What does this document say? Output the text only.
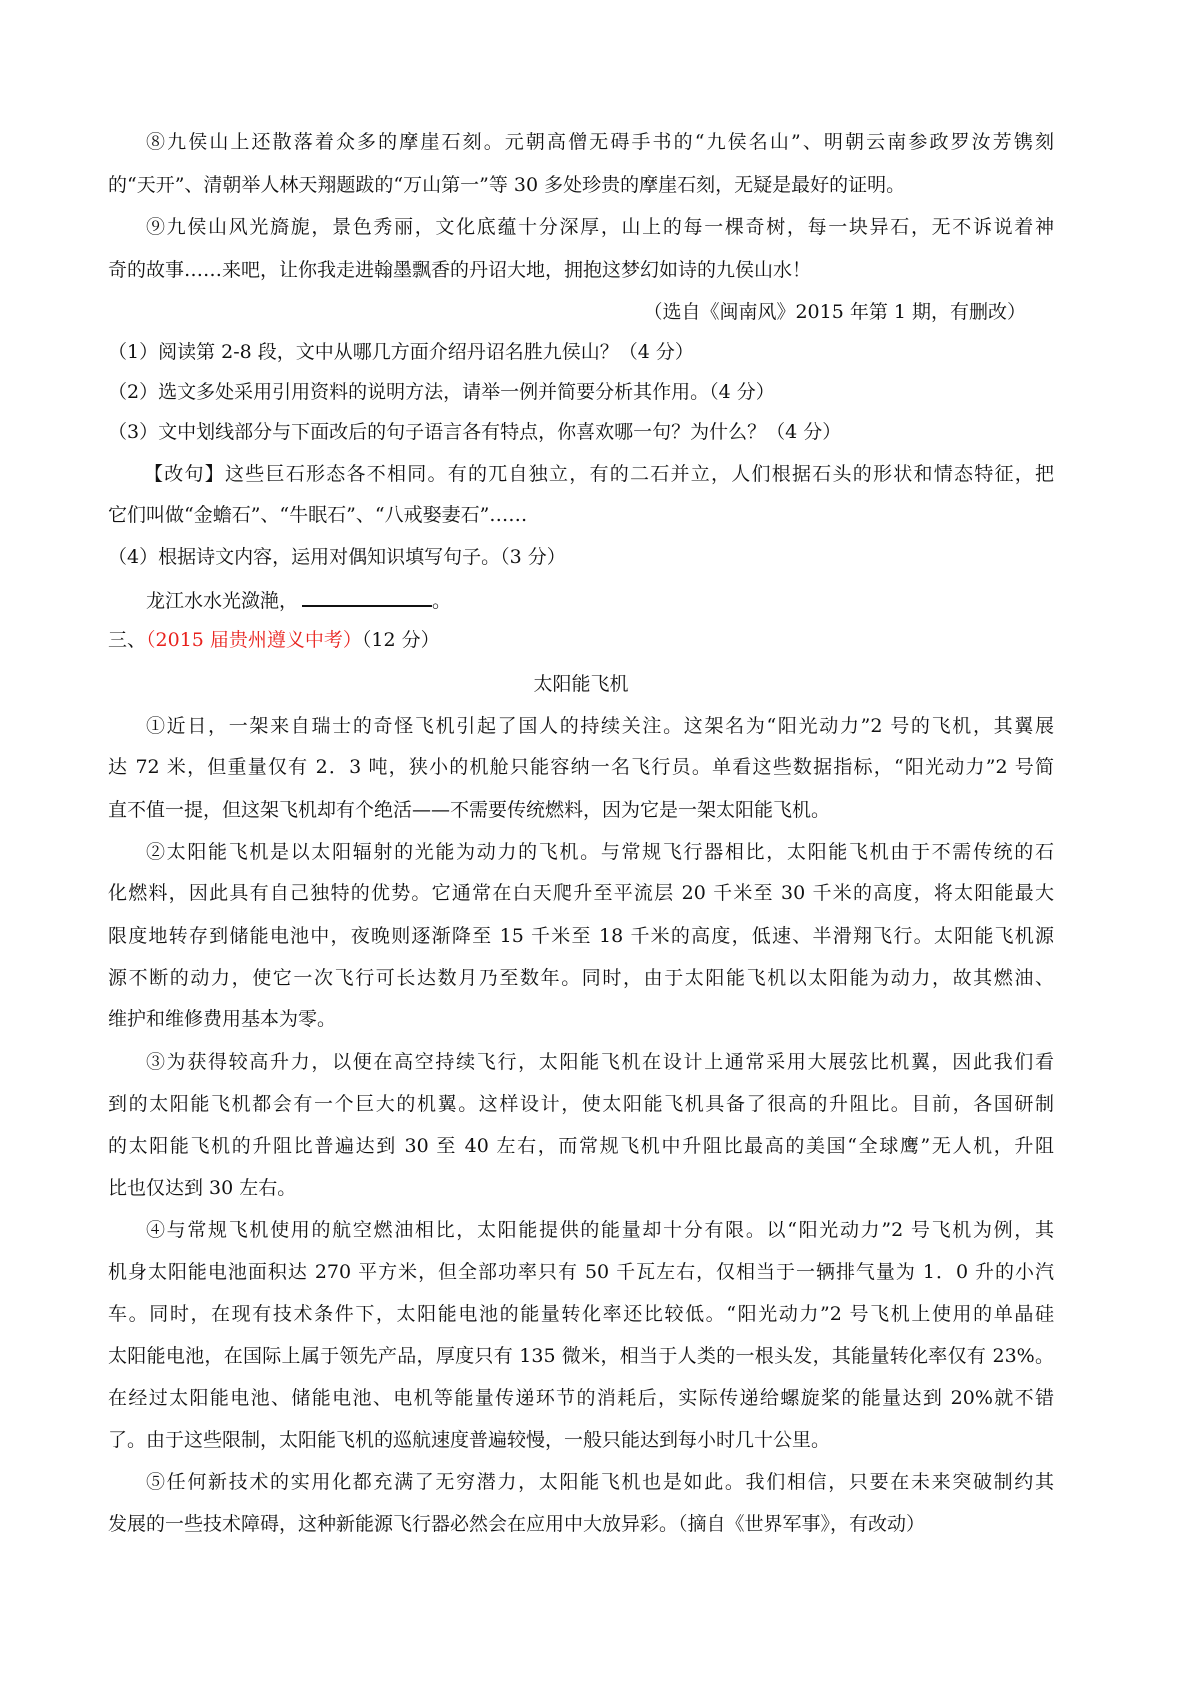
⑧九侯山上还散落着众多的摩崖石刻。元朝高僧无碍手书的“九侯名山”、明朝云南参政罗汝芳镌刻
的“天开”、清朝举人林天翔题跋的“万山第一”等 30 多处珍贵的摩崖石刻，无疑是最好的证明。
⑨九侯山风光旖旎，景色秀丽，文化底蕴十分深厚，山上的每一棵奇树，每一块异石，无不诉说着神
奇的故事……来吧，让你我走进翰墨飘香的丹诏大地，拥抱这梦幻如诗的九侯山水！
（选自《闽南风》2015 年第 1 期，有删改）
（1）阅读第 2-8 段，文中从哪几方面介绍丹诏名胜九侯山？（4 分）
（2）选文多处采用引用资料的说明方法，请举一例并简要分析其作用。（4 分）
（3）文中划线部分与下面改后的句子语言各有特点，你喜欢哪一句？为什么？（4 分）
【改句】这些巨石形态各不相同。有的兀自独立，有的二石并立，人们根据石头的形状和情态特征，把
它们叫做“金蟾石”、“牛眠石”、“八戒娶妻石”……
（4）根据诗文内容，运用对偶知识填写句子。（3 分）
龙江水水光潋滟，	。
三、（2015 届贵州遵义中考）（12 分）
太阳能飞机
①近日，一架来自瑞士的奇怪飞机引起了国人的持续关注。这架名为“阳光动力”2 号的飞机，其翼展
达 72 米，但重量仅有 2．3 吨，狭小的机舱只能容纳一名飞行员。单看这些数据指标，“阳光动力”2 号简
直不值一提，但这架飞机却有个绝活——不需要传统燃料，因为它是一架太阳能飞机。
②太阳能飞机是以太阳辐射的光能为动力的飞机。与常规飞行器相比，太阳能飞机由于不需传统的石
化燃料，因此具有自己独特的优势。它通常在白天爬升至平流层 20 千米至 30 千米的高度，将太阳能最大
限度地转存到储能电池中，夜晚则逐渐降至 15 千米至 18 千米的高度，低速、半滑翔飞行。太阳能飞机源
源不断的动力，使它一次飞行可长达数月乃至数年。同时，由于太阳能飞机以太阳能为动力，故其燃油、
维护和维修费用基本为零。
③为获得较高升力，以便在高空持续飞行，太阳能飞机在设计上通常采用大展弦比机翼，因此我们看
到的太阳能飞机都会有一个巨大的机翼。这样设计，使太阳能飞机具备了很高的升阻比。目前，各国研制
的太阳能飞机的升阻比普遍达到 30 至 40 左右，而常规飞机中升阻比最高的美国“全球鹰”无人机，升阻
比也仅达到 30 左右。
④与常规飞机使用的航空燃油相比，太阳能提供的能量却十分有限。以“阳光动力”2 号飞机为例，其
机身太阳能电池面积达 270 平方米，但全部功率只有 50 千瓦左右，仅相当于一辆排气量为 1．0 升的小汽
车。同时，在现有技术条件下，太阳能电池的能量转化率还比较低。“阳光动力”2 号飞机上使用的单晶硅
太阳能电池，在国际上属于领先产品，厚度只有 135 微米，相当于人类的一根头发，其能量转化率仅有 23%。
在经过太阳能电池、储能电池、电机等能量传递环节的消耗后，实际传递给螺旋桨的能量达到 20%就不错
了。由于这些限制，太阳能飞机的巡航速度普遍较慢，一般只能达到每小时几十公里。
⑤任何新技术的实用化都充满了无穷潜力，太阳能飞机也是如此。我们相信，只要在未来突破制约其
发展的一些技术障碍，这种新能源飞行器必然会在应用中大放异彩。（摘自《世界军事》，有改动）
